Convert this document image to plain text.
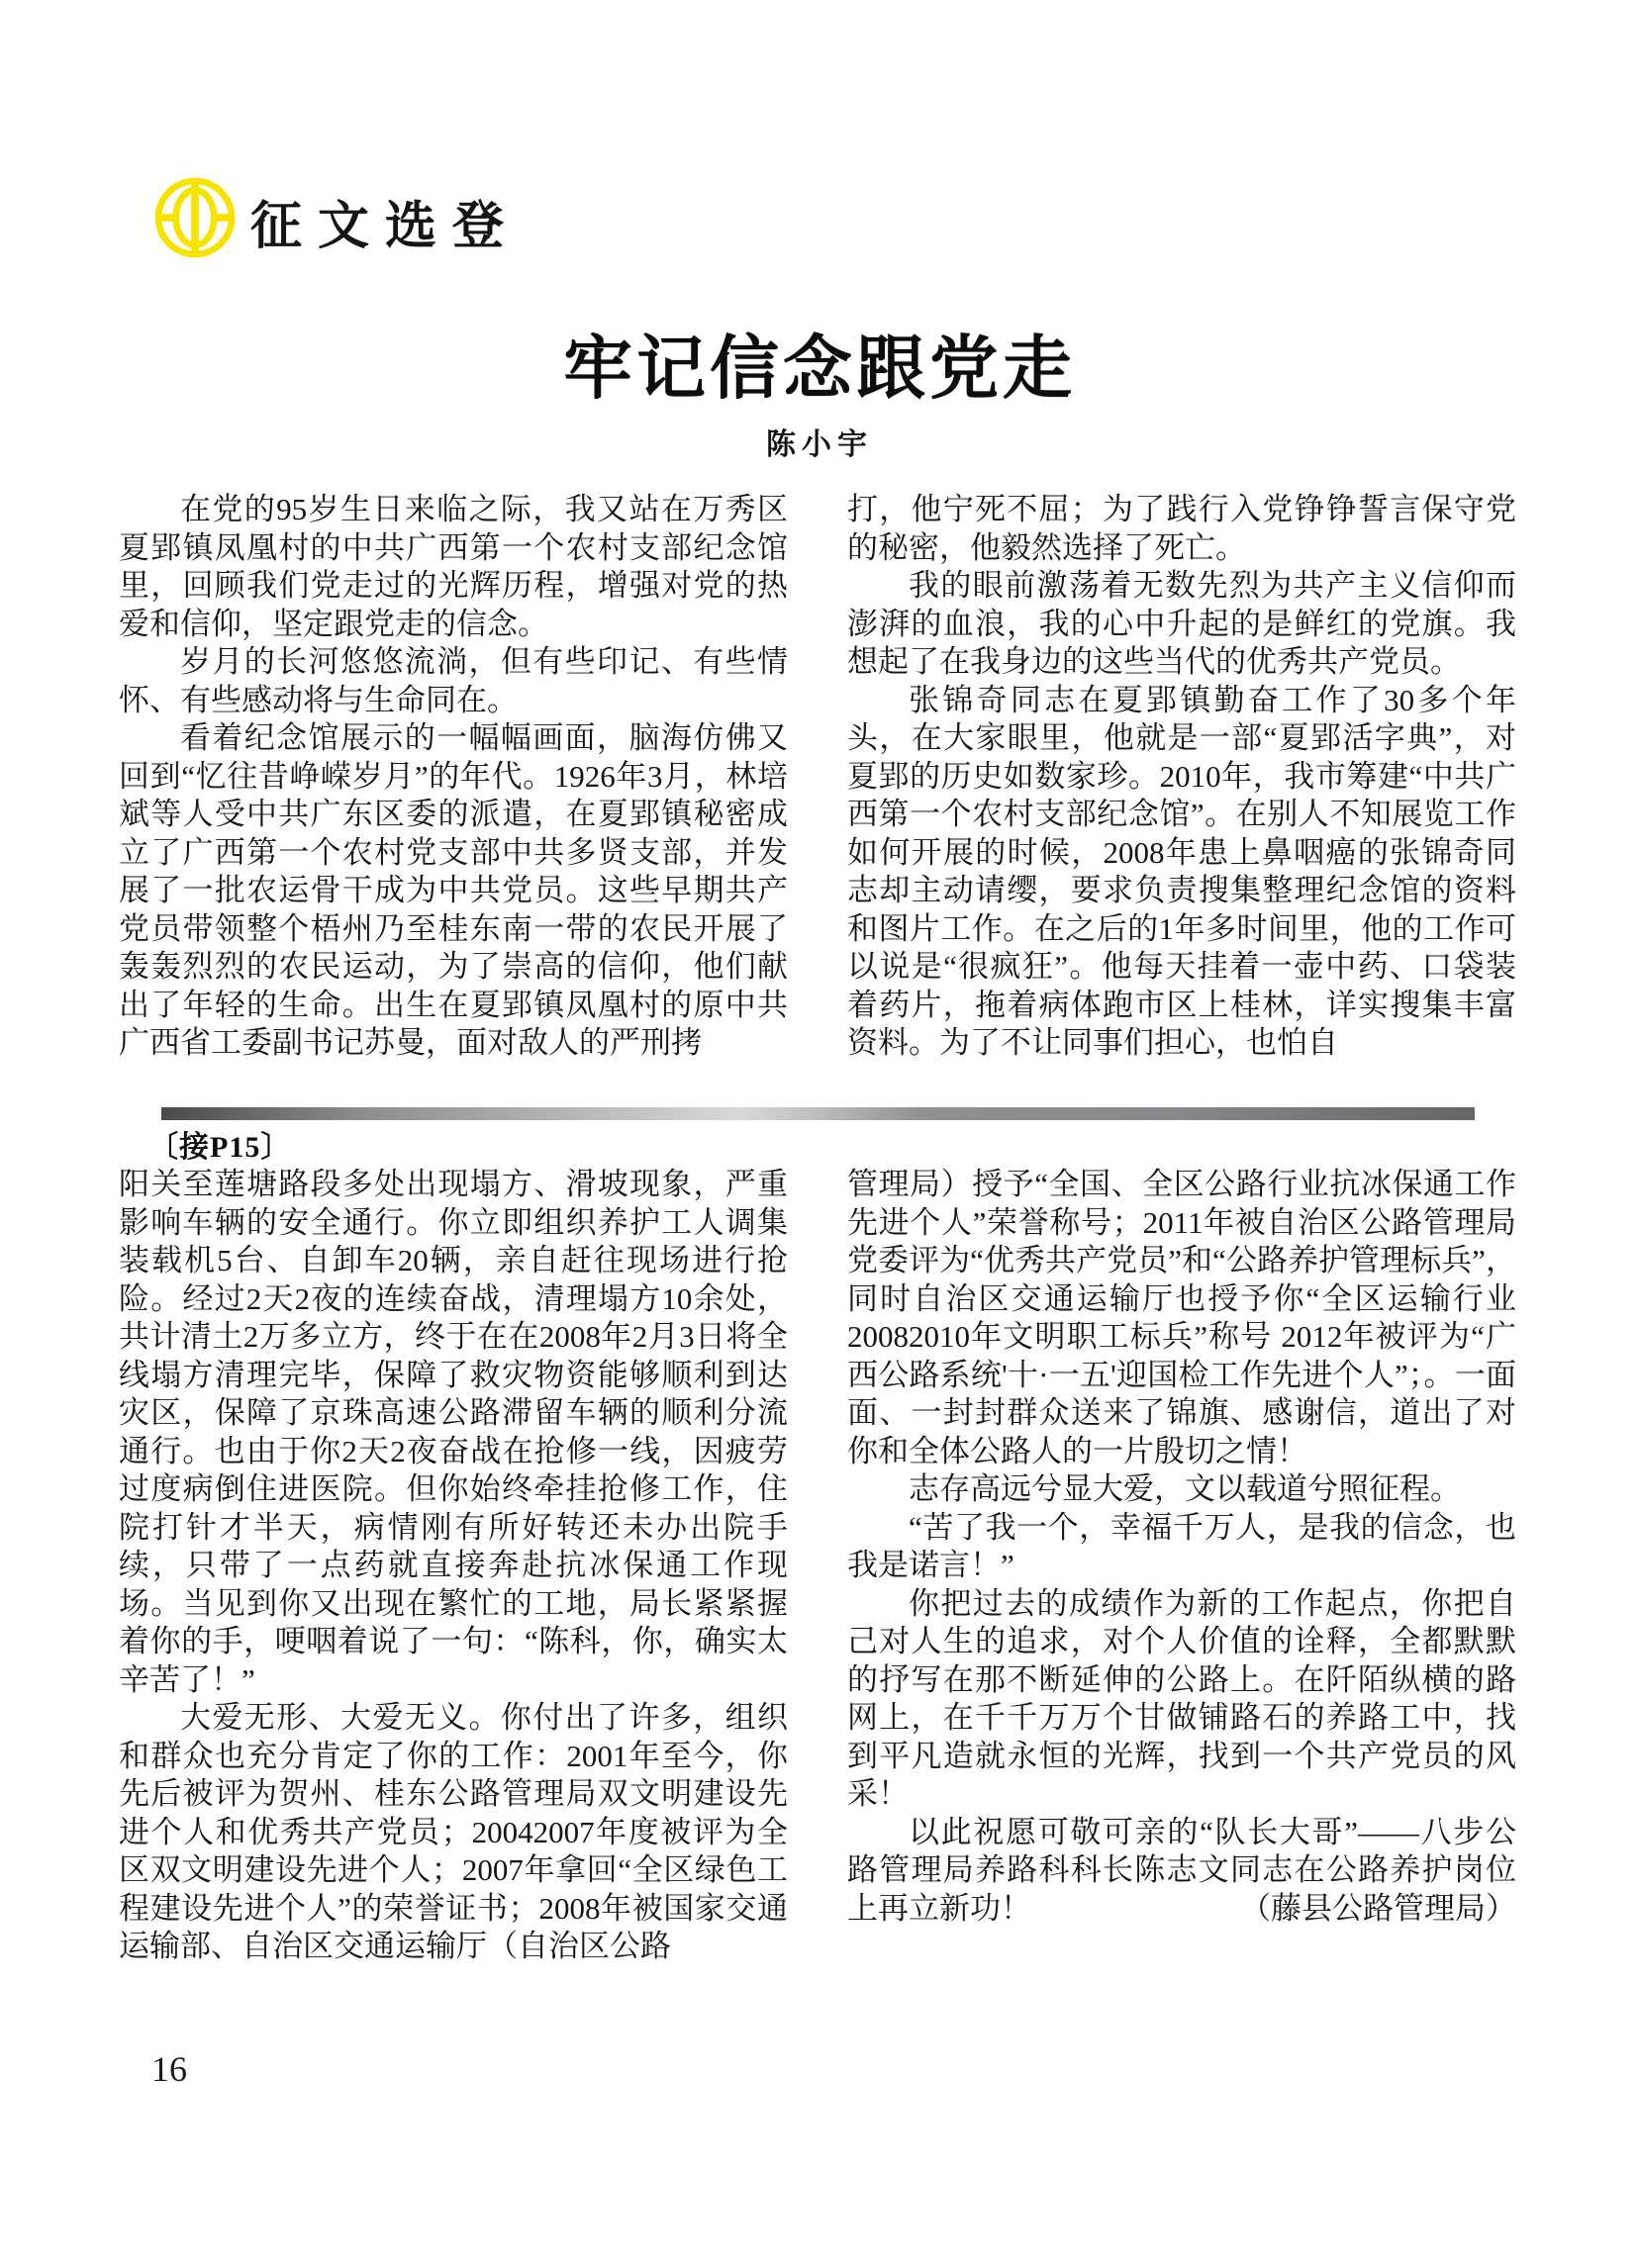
征文选登
牢记信念跟党走
陈小宇

在党的95岁生日来临之际，我又站在万秀区夏郢镇凤凰村的中共广西第一个农村支部纪念馆里，回顾我们党走过的光辉历程，增强对党的热爱和信仰，坚定跟党走的信念。

岁月的长河悠悠流淌，但有些印记、有些情怀、有些感动将与生命同在。

看着纪念馆展示的一幅幅画面，脑海仿佛又回到“忆往昔峥嵘岁月”的年代。1926年3月，林培斌等人受中共广东区委的派遣，在夏郢镇秘密成立了广西第一个农村党支部中共多贤支部，并发展了一批农运骨干成为中共党员。这些早期共产党员带领整个梧州乃至桂东南一带的农民开展了轰轰烈烈的农民运动，为了崇高的信仰，他们献出了年轻的生命。出生在夏郢镇凤凰村的原中共广西省工委副书记苏曼，面对敌人的严刑拷

打，他宁死不屈；为了践行入党铮铮誓言保守党的秘密，他毅然选择了死亡。

我的眼前激荡着无数先烈为共产主义信仰而澎湃的血浪，我的心中升起的是鲜红的党旗。我想起了在我身边的这些当代的优秀共产党员。

张锦奇同志在夏郢镇勤奋工作了30多个年头，在大家眼里，他就是一部“夏郢活字典”，对夏郢的历史如数家珍。2010年，我市筹建“中共广西第一个农村支部纪念馆”。在别人不知展览工作如何开展的时候，2008年患上鼻咽癌的张锦奇同志却主动请缨，要求负责搜集整理纪念馆的资料和图片工作。在之后的1年多时间里，他的工作可以说是“很疯狂”。他每天挂着一壶中药、口袋装着药片，拖着病体跑市区上桂林，详实搜集丰富资料。为了不让同事们担心，也怕自

〔接P15〕

阳关至莲塘路段多处出现塌方、滑坡现象，严重影响车辆的安全通行。你立即组织养护工人调集装载机5台、自卸车20辆，亲自赶往现场进行抢险。经过2天2夜的连续奋战，清理塌方10余处，共计清土2万多立方，终于在在2008年2月3日将全线塌方清理完毕，保障了救灾物资能够顺利到达灾区，保障了京珠高速公路滞留车辆的顺利分流通行。也由于你2天2夜奋战在抢修一线，因疲劳过度病倒住进医院。但你始终牵挂抢修工作，住院打针才半天，病情刚有所好转还未办出院手续，只带了一点药就直接奔赴抗冰保通工作现场。当见到你又出现在繁忙的工地，局长紧紧握着你的手，哽咽着说了一句：“陈科，你，确实太辛苦了！”

大爱无形、大爱无义。你付出了许多，组织和群众也充分肯定了你的工作：2001年至今，你先后被评为贺州、桂东公路管理局双文明建设先进个人和优秀共产党员；20042007年度被评为全区双文明建设先进个人；2007年拿回“全区绿色工程建设先进个人”的荣誉证书；2008年被国家交通运输部、自治区交通运输厅（自治区公路

管理局）授予“全国、全区公路行业抗冰保通工作先进个人”荣誉称号；2011年被自治区公路管理局党委评为“优秀共产党员”和“公路养护管理标兵”，同时自治区交通运输厅也授予你“全区运输行业20082010年文明职工标兵”称号 2012年被评为“广西公路系统'十·一五'迎国检工作先进个人”；。一面面、一封封群众送来了锦旗、感谢信，道出了对你和全体公路人的一片殷切之情！

志存高远兮显大爱，文以载道兮照征程。

“苦了我一个，幸福千万人，是我的信念，也我是诺言！”

你把过去的成绩作为新的工作起点，你把自己对人生的追求，对个人价值的诠释，全都默默的抒写在那不断延伸的公路上。在阡陌纵横的路网上，在千千万万个甘做铺路石的养路工中，找到平凡造就永恒的光辉，找到一个共产党员的风采！

以此祝愿可敬可亲的“队长大哥”——八步公路管理局养路科科长陈志文同志在公路养护岗位上再立新功！	（藤县公路管理局）

16
